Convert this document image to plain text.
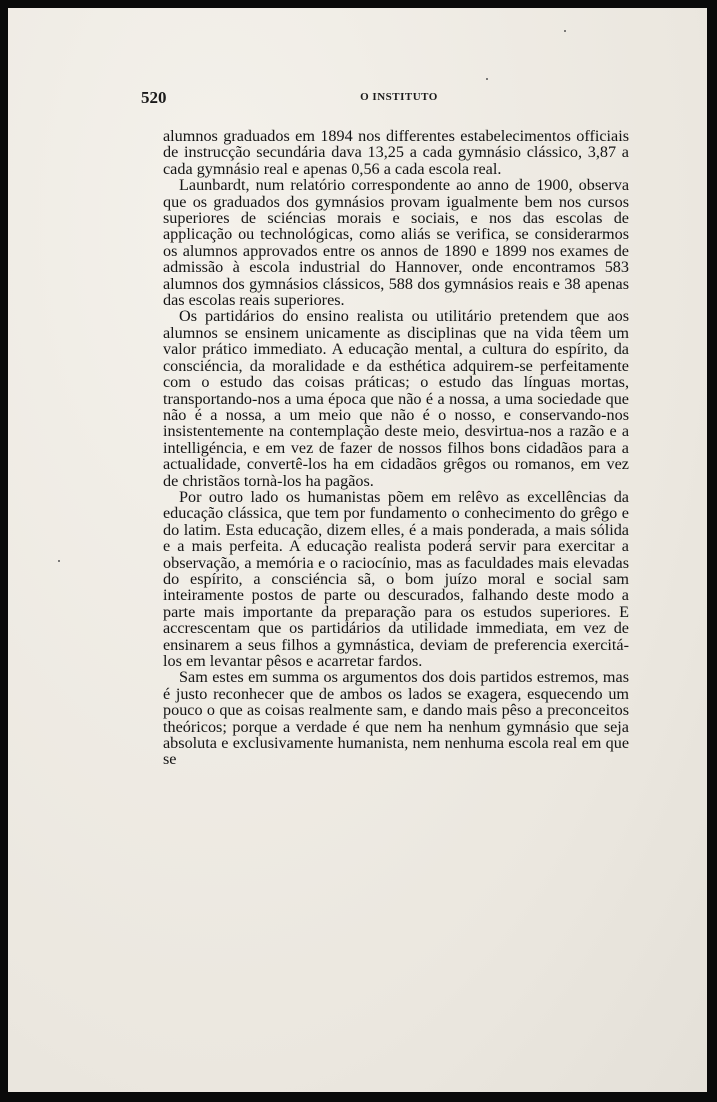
520	O INSTITUTO

alumnos graduados em 1894 nos differentes estabelecimentos officiais de instrucção secundária dava 13,25 a cada gymnásio clássico, 3,87 a cada gymnásio real e apenas 0,56 a cada escola real.

Launbardt, num relatório correspondente ao anno de 1900, observa que os graduados dos gymnásios provam igualmente bem nos cursos superiores de sciéncias morais e sociais, e nos das escolas de applicação ou technológicas, como aliás se verifica, se considerarmos os alumnos approvados entre os annos de 1890 e 1899 nos exames de admissão à escola industrial do Hannover, onde encontramos 583 alumnos dos gymnásios clássicos, 588 dos gymnásios reais e 38 apenas das escolas reais superiores.

Os partidários do ensino realista ou utilitário pretendem que aos alumnos se ensinem unicamente as disciplinas que na vida têem um valor prático immediato. A educação mental, a cultura do espírito, da consciéncia, da moralidade e da esthética adquirem-se perfeitamente com o estudo das coisas práticas; o estudo das línguas mortas, transportando-nos a uma época que não é a nossa, a uma sociedade que não é a nossa, a um meio que não é o nosso, e conservando-nos insistentemente na contemplação deste meio, desvirtua-nos a razão e a intelligéncia, e em vez de fazer de nossos filhos bons cidadãos para a actualidade, convertê-los ha em cidadãos grêgos ou romanos, em vez de christãos tornà-los ha pagãos.

Por outro lado os humanistas põem em relêvo as excellências da educação clássica, que tem por fundamento o conhecimento do grêgo e do latim. Esta educação, dizem elles, é a mais ponderada, a mais sólida e a mais perfeita. A educação realista poderá servir para exercitar a observação, a memória e o raciocínio, mas as faculdades mais elevadas do espírito, a consciéncia sã, o bom juízo moral e social sam inteiramente postos de parte ou descurados, falhando deste modo a parte mais importante da preparação para os estudos superiores. E accrescentam que os partidários da utilidade immediata, em vez de ensinarem a seus filhos a gymnástica, deviam de preferencia exercitá-los em levantar pêsos e acarretar fardos.

Sam estes em summa os argumentos dos dois partidos estremos, mas é justo reconhecer que de ambos os lados se exagera, esquecendo um pouco o que as coisas realmente sam, e dando mais pêso a preconceitos theóricos; porque a verdade é que nem ha nenhum gymnásio que seja absoluta e exclusivamente humanista, nem nenhuma escola real em que se
